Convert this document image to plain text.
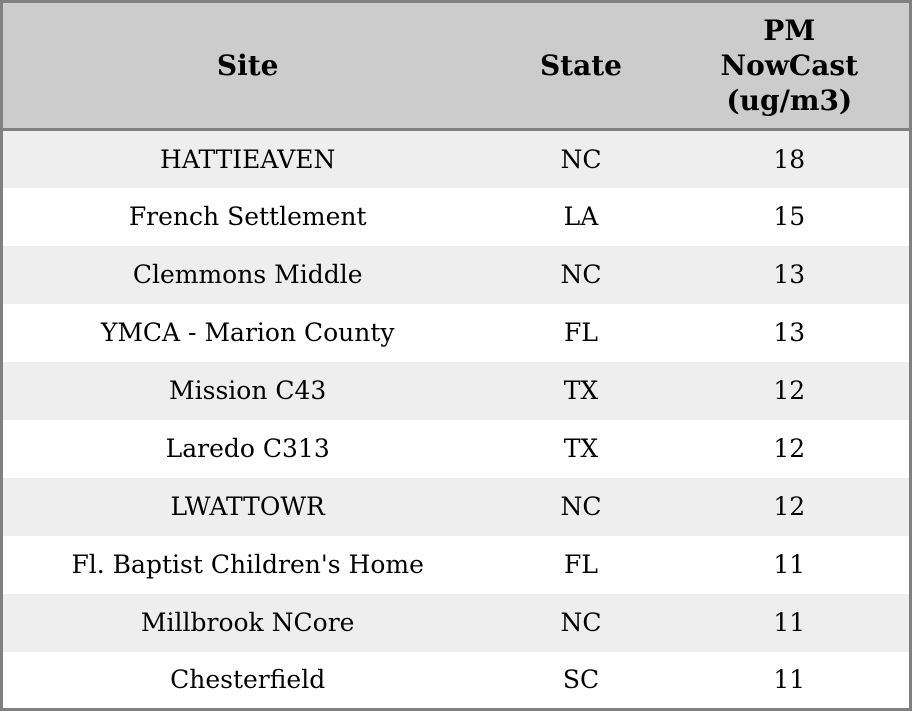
Site	State	PM
NowCast
(ug/m3)

HATTIEAVEN	NC	18
French Settlement	LA	15
Clemmons Middle	NC	13
YMCA - Marion County	FL	13
Mission C43	TX	12
Laredo C313	TX	12
LWATTOWR	NC	12
Fl. Baptist Children's Home	FL	11
Millbrook NCore	NC	11
Chesterfield	SC	11
